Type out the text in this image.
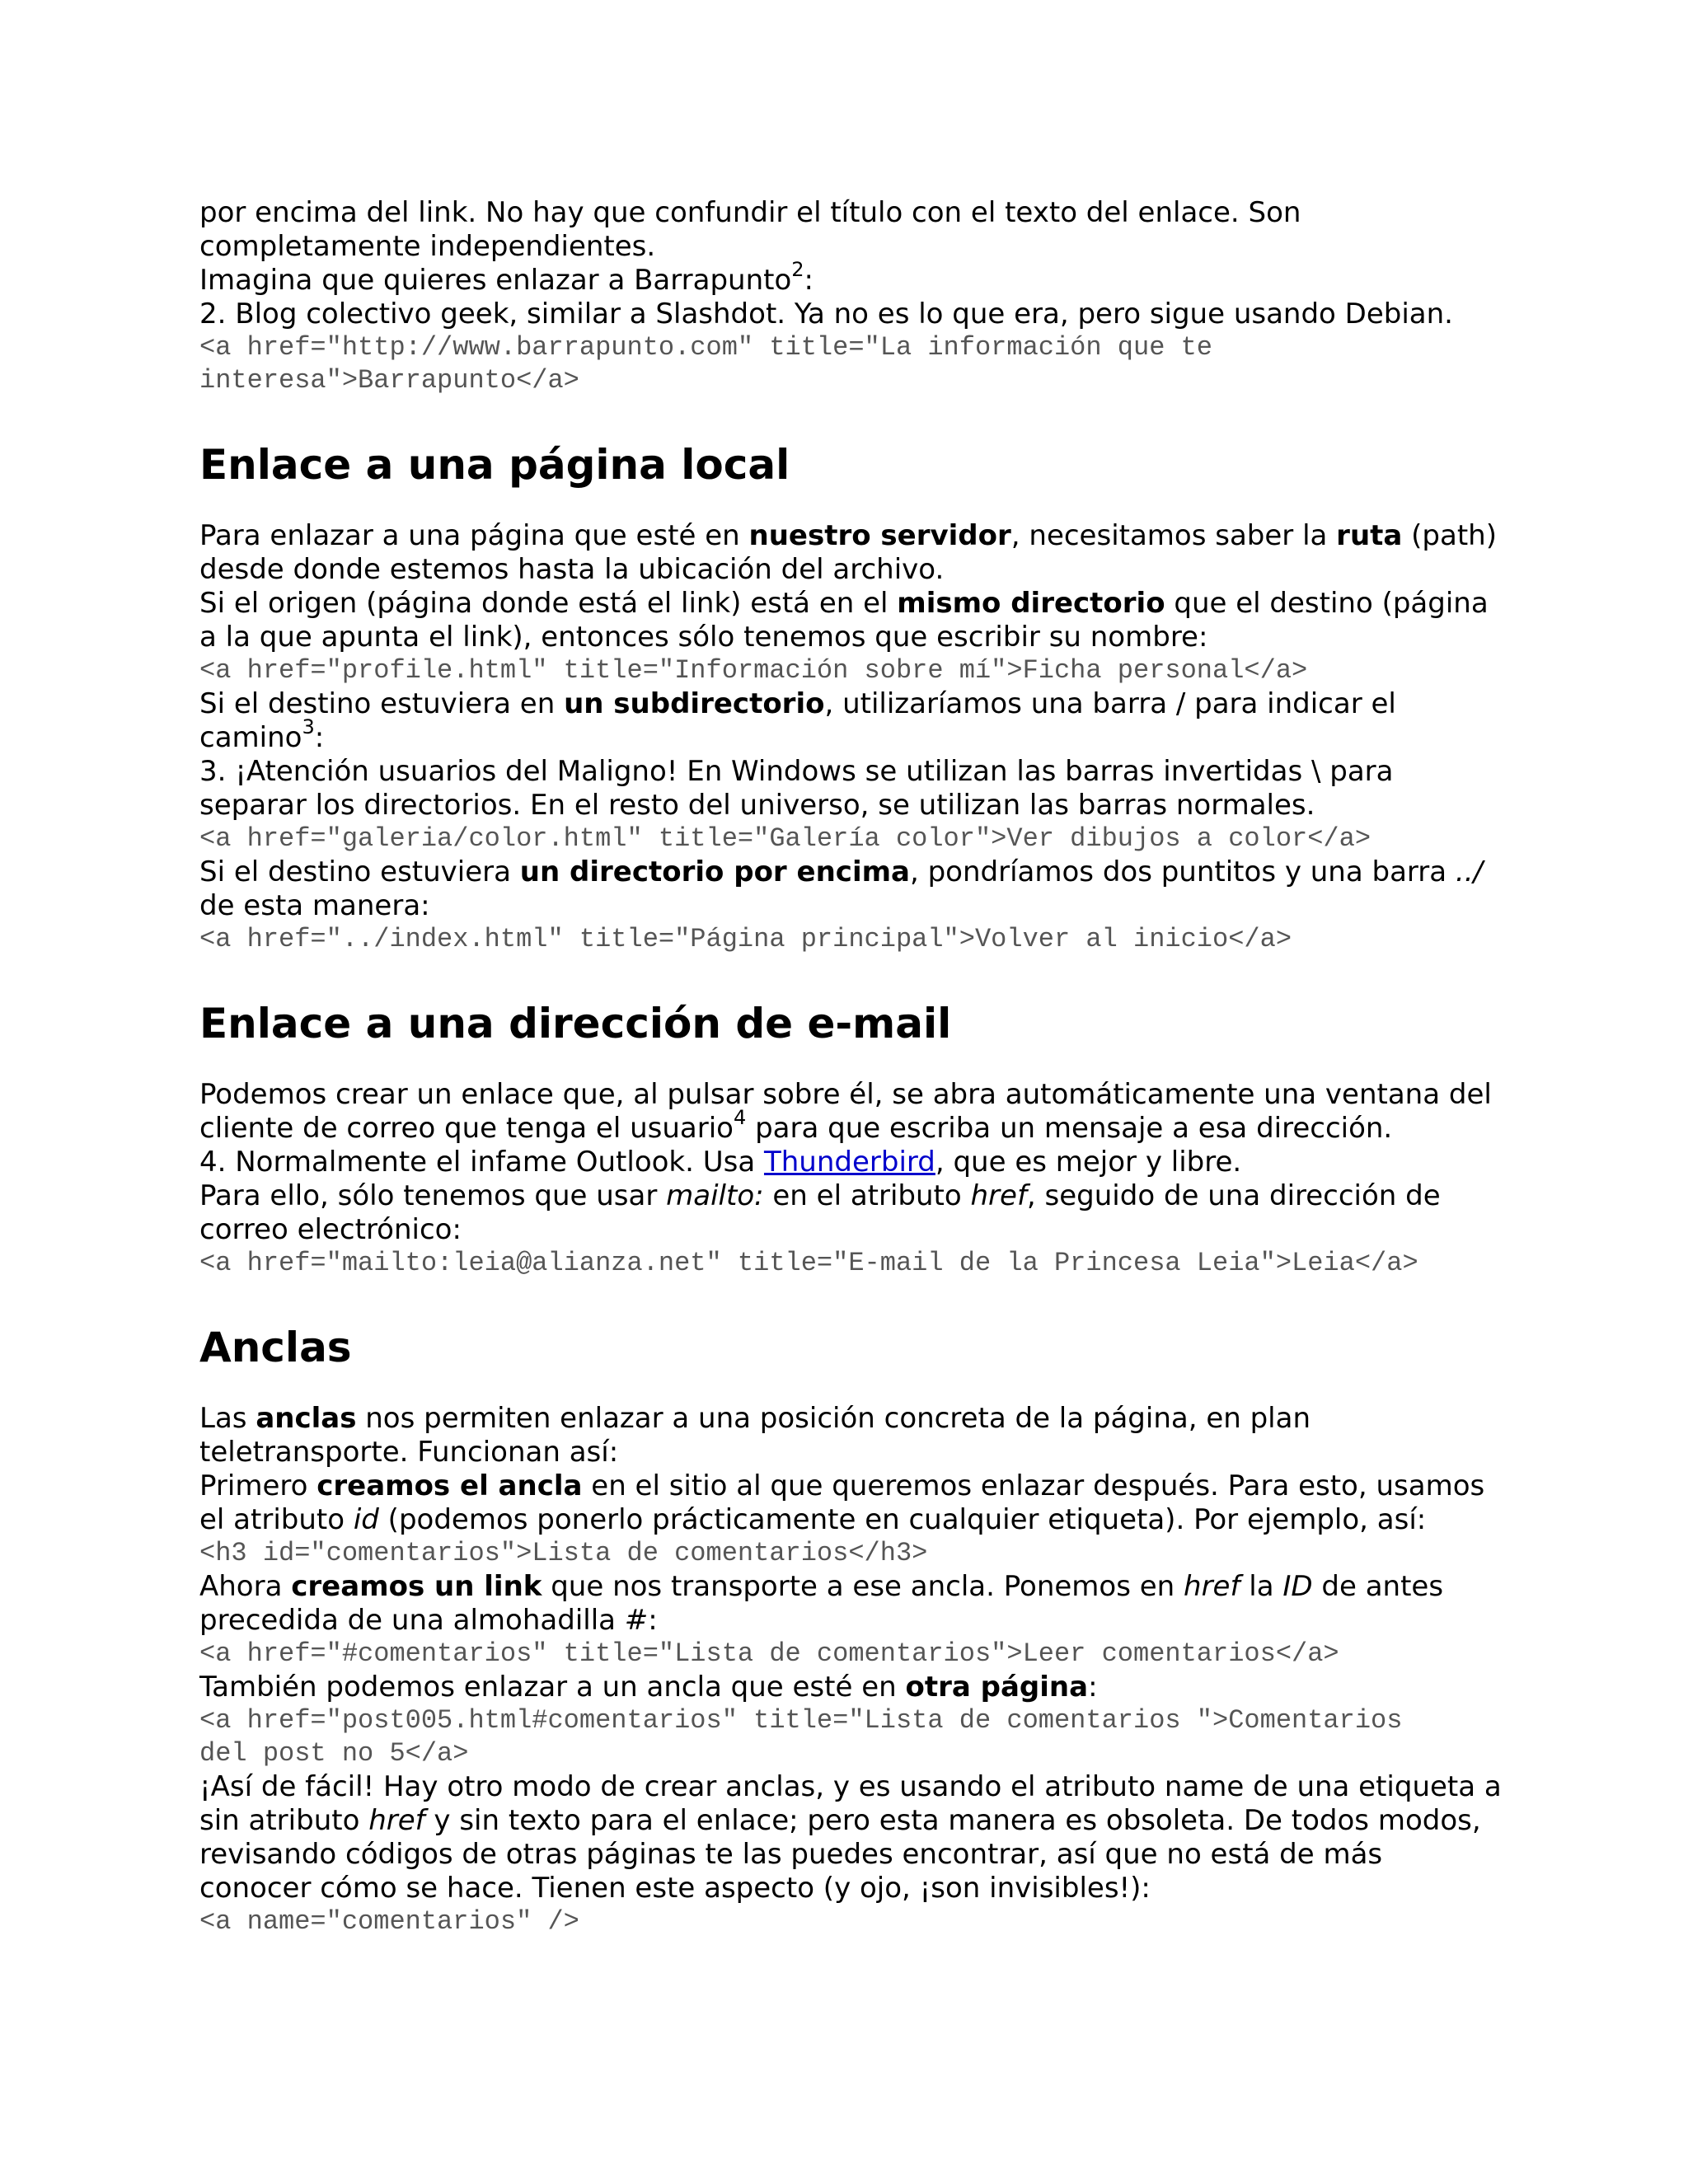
por encima del link. No hay que confundir el título con el texto del enlace. Son completamente independientes.

Imagina que quieres enlazar a Barrapunto$^2$:

2. Blog colectivo geek, similar a Slashdot. Ya no es lo que era, pero sigue usando Debian.

<a href="http://www.barrapunto.com" title="La información que te
interesa">Barrapunto</a>

Enlace a una página local

Para enlazar a una página que esté en nuestro servidor, necesitamos saber la ruta (path) desde donde estemos hasta la ubicación del archivo.

Si el origen (página donde está el link) está en el mismo directorio que el destino (página a la que apunta el link), entonces sólo tenemos que escribir su nombre:

<a href="profile.html" title="Información sobre mí">Ficha personal</a>

Si el destino estuviera en un subdirectorio, utilizaríamos una barra / para indicar el camino$^3$:

3. ¡Atención usuarios del Maligno! En Windows se utilizan las barras invertidas \ para separar los directorios. En el resto del universo, se utilizan las barras normales.

<a href="galeria/color.html" title="Galería color">Ver dibujos a color</a>

Si el destino estuviera un directorio por encima, pondríamos dos puntitos y una barra ../ de esta manera:

<a href="../index.html" title="Página principal">Volver al inicio</a>

Enlace a una dirección de e-mail

Podemos crear un enlace que, al pulsar sobre él, se abra automáticamente una ventana del cliente de correo que tenga el usuario$^4$ para que escriba un mensaje a esa dirección.

4. Normalmente el infame Outlook. Usa Thunderbird, que es mejor y libre.

Para ello, sólo tenemos que usar mailto: en el atributo href, seguido de una dirección de correo electrónico:

<a href="mailto:leia@alianza.net" title="E-mail de la Princesa Leia">Leia</a>

Anclas

Las anclas nos permiten enlazar a una posición concreta de la página, en plan teletransporte. Funcionan así:

Primero creamos el ancla en el sitio al que queremos enlazar después. Para esto, usamos el atributo id (podemos ponerlo prácticamente en cualquier etiqueta). Por ejemplo, así:

<h3 id="comentarios">Lista de comentarios</h3>

Ahora creamos un link que nos transporte a ese ancla. Ponemos en href la ID de antes precedida de una almohadilla #:

<a href="#comentarios" title="Lista de comentarios">Leer comentarios</a>

También podemos enlazar a un ancla que esté en otra página:

<a href="post005.html#comentarios" title="Lista de comentarios ">Comentarios
del post no 5</a>

¡Así de fácil! Hay otro modo de crear anclas, y es usando el atributo name de una etiqueta a sin atributo href y sin texto para el enlace; pero esta manera es obsoleta. De todos modos, revisando códigos de otras páginas te las puedes encontrar, así que no está de más conocer cómo se hace. Tienen este aspecto (y ojo, ¡son invisibles!):

<a name="comentarios" />
